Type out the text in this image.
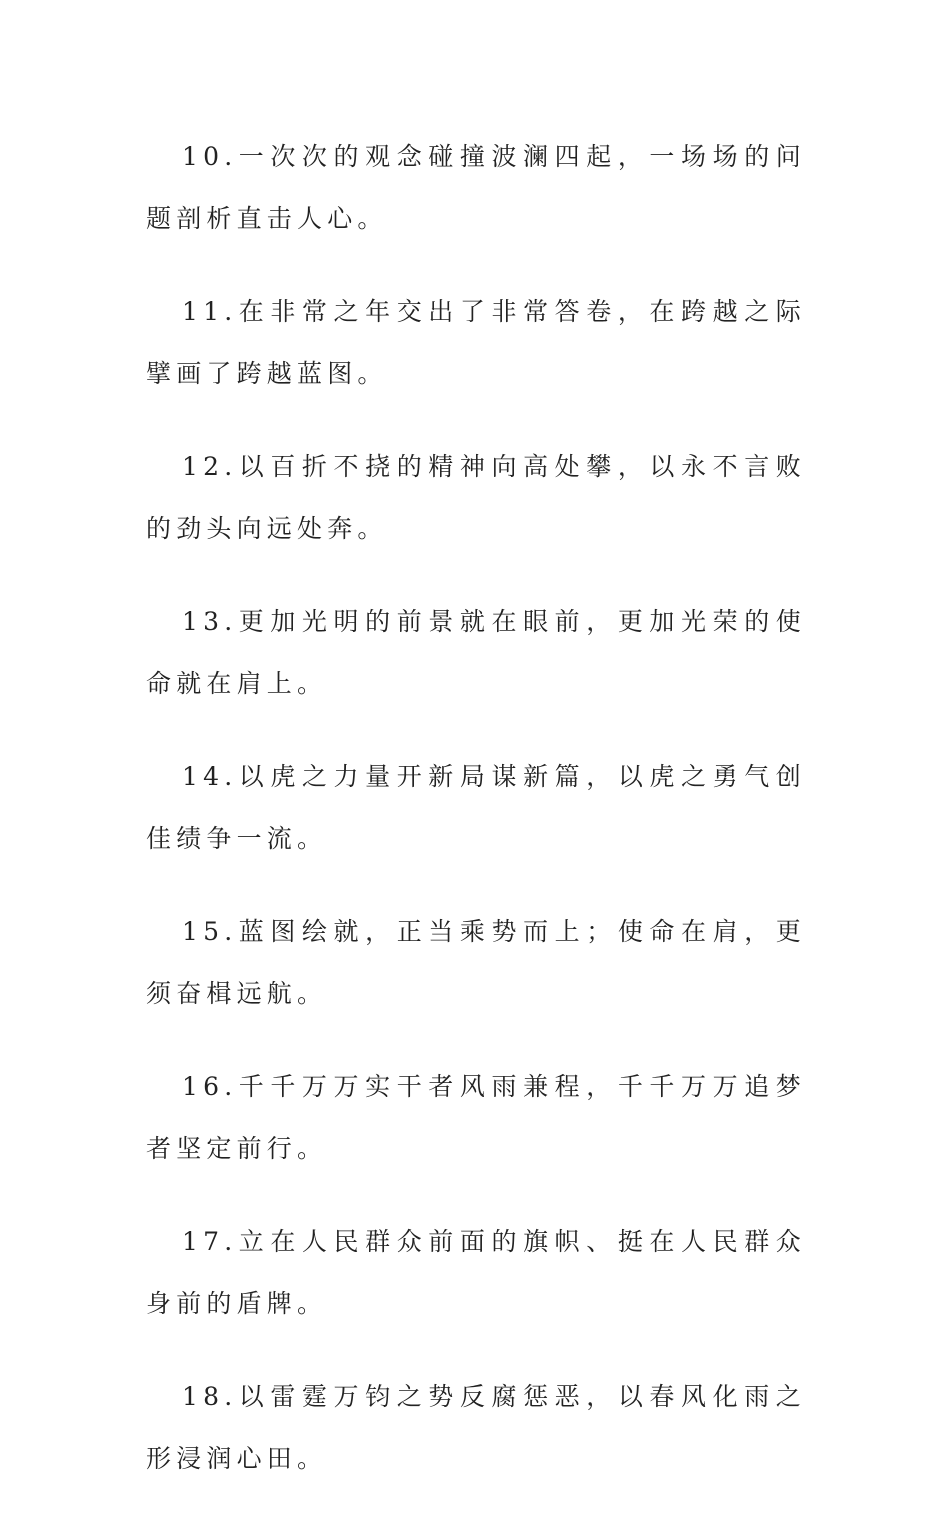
10.一次次的观念碰撞波澜四起，一场场的问题剖析直击人心。

11.在非常之年交出了非常答卷，在跨越之际擘画了跨越蓝图。

12.以百折不挠的精神向高处攀，以永不言败的劲头向远处奔。

13.更加光明的前景就在眼前，更加光荣的使命就在肩上。

14.以虎之力量开新局谋新篇，以虎之勇气创佳绩争一流。

15.蓝图绘就，正当乘势而上；使命在肩，更须奋楫远航。

16.千千万万实干者风雨兼程，千千万万追梦者坚定前行。

17.立在人民群众前面的旗帜、挺在人民群众身前的盾牌。

18.以雷霆万钧之势反腐惩恶，以春风化雨之形浸润心田。
